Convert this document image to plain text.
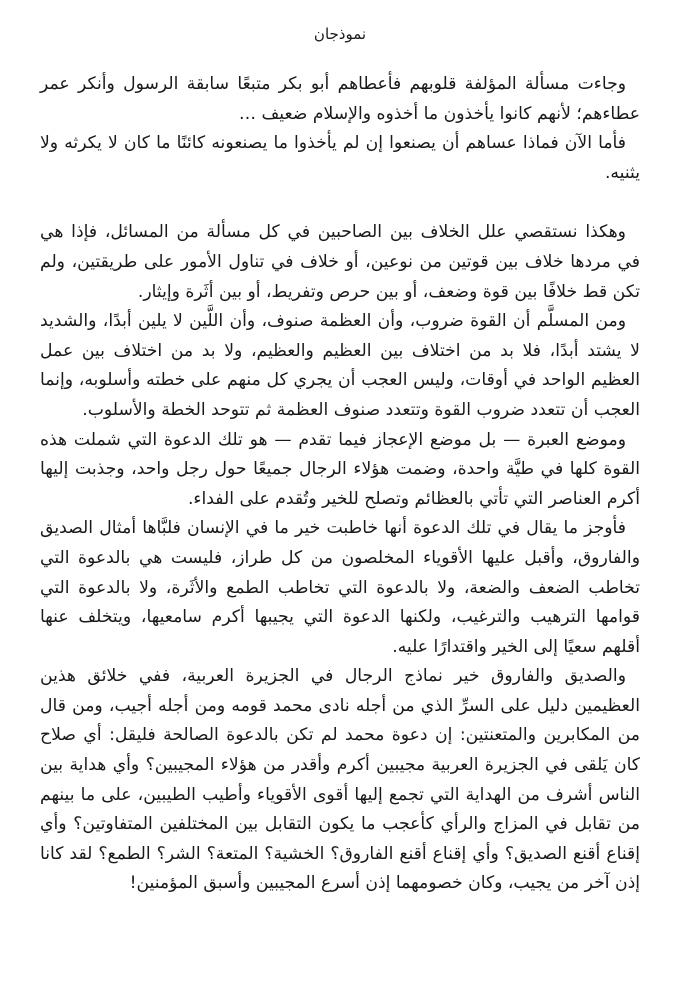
نموذجان

وجاءت مسألة المؤلفة قلوبهم فأعطاهم أبو بكر متبعًا سابقة الرسول وأنكر عمر عطاءهم؛ لأنهم كانوا يأخذون ما أخذوه والإسلام ضعيف …

فأما الآن فماذا عساهم أن يصنعوا إن لم يأخذوا ما يصنعونه كائنًا ما كان لا يكرثه ولا يثنيه.

وهكذا نستقصي علل الخلاف بين الصاحبين في كل مسألة من المسائل، فإذا هي في مردها خلاف بين قوتين من نوعين، أو خلاف في تناول الأمور على طريقتين، ولم تكن قط خلافًا بين قوة وضعف، أو بين حرص وتفريط، أو بين أثَرة وإيثار.

ومن المسلَّم أن القوة ضروب، وأن العظمة صنوف، وأن اللَّين لا يلين أبدًا، والشديد لا يشتد أبدًا، فلا بد من اختلاف بين العظيم والعظيم، ولا بد من اختلاف بين عمل العظيم الواحد في أوقات، وليس العجب أن يجري كل منهم على خطته وأسلوبه، وإنما العجب أن تتعدد ضروب القوة وتتعدد صنوف العظمة ثم تتوحد الخطة والأسلوب.

وموضع العبرة — بل موضع الإعجاز فيما تقدم — هو تلك الدعوة التي شملت هذه القوة كلها في طيَّة واحدة، وضمت هؤلاء الرجال جميعًا حول رجل واحد، وجذبت إليها أكرم العناصر التي تأتي بالعظائم وتصلح للخير وتُقدم على الفداء.

فأوجز ما يقال في تلك الدعوة أنها خاطبت خير ما في الإنسان فلبَّاها أمثال الصديق والفاروق، وأقبل عليها الأقوياء المخلصون من كل طراز، فليست هي بالدعوة التي تخاطب الضعف والضعة، ولا بالدعوة التي تخاطب الطمع والأثَرة، ولا بالدعوة التي قوامها الترهيب والترغيب، ولكنها الدعوة التي يجيبها أكرم سامعيها، ويتخلف عنها أقلهم سعيًا إلى الخير واقتدارًا عليه.

والصديق والفاروق خير نماذج الرجال في الجزيرة العربية، ففي خلائق هذين العظيمين دليل على السرِّ الذي من أجله نادى محمد قومه ومن أجله أجيب، ومن قال من المكابرين والمتعنتين: إن دعوة محمد لم تكن بالدعوة الصالحة فليقل: أي صلاح كان يَلقى في الجزيرة العربية مجيبين أكرم وأقدر من هؤلاء المجيبين؟ وأي هداية بين الناس أشرف من الهداية التي تجمع إليها أقوى الأقوياء وأطيب الطيبين، على ما بينهم من تقابل في المزاج والرأي كأعجب ما يكون التقابل بين المختلفين المتفاوتين؟ وأي إقناع أقنع الصديق؟ وأي إقناع أقنع الفاروق؟ الخشية؟ المتعة؟ الشر؟ الطمع؟ لقد كانا إذن آخر من يجيب، وكان خصومهما إذن أسرع المجيبين وأسبق المؤمنين!
